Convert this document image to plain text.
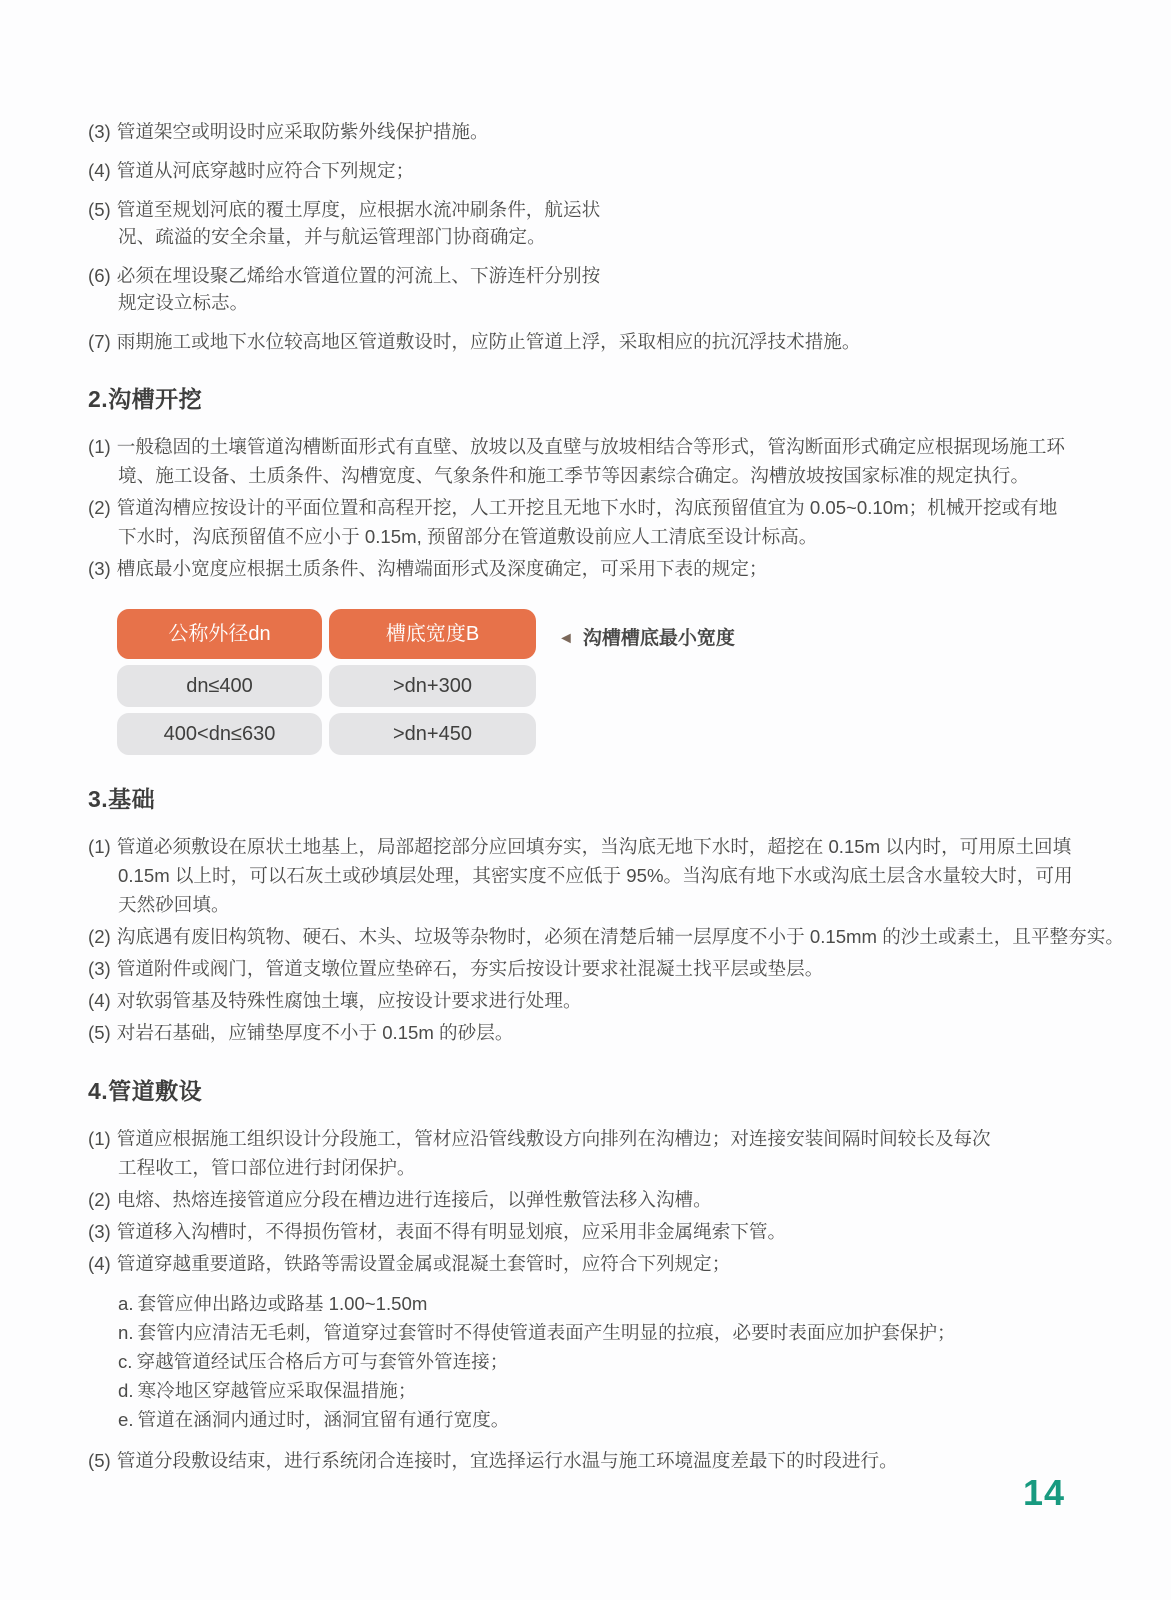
(3) 管道架空或明设时应采取防紫外线保护措施。
(4) 管道从河底穿越时应符合下列规定；
(5) 管道至规划河底的覆土厚度，应根据水流冲刷条件，航运状
况、疏溢的安全余量，并与航运管理部门协商确定。
(6) 必须在埋设聚乙烯给水管道位置的河流上、下游连杆分别按
规定设立标志。
(7) 雨期施工或地下水位较高地区管道敷设时，应防止管道上浮，采取相应的抗沉浮技术措施。
2.沟槽开挖
(1) 一般稳固的土壤管道沟槽断面形式有直壁、放坡以及直壁与放坡相结合等形式，管沟断面形式确定应根据现场施工环
境、施工设备、土质条件、沟槽宽度、气象条件和施工季节等因素综合确定。沟槽放坡按国家标准的规定执行。
(2) 管道沟槽应按设计的平面位置和高程开挖，人工开挖且无地下水时，沟底预留值宜为 0.05~0.10m；机械开挖或有地
下水时，沟底预留值不应小于 0.15m, 预留部分在管道敷设前应人工清底至设计标高。
(3) 槽底最小宽度应根据土质条件、沟槽端面形式及深度确定，可采用下表的规定；
公称外径dn	槽底宽度B
dn≤400	>dn+300
400<dn≤630	>dn+450
◄ 沟槽槽底最小宽度
3.基础
(1) 管道必须敷设在原状土地基上，局部超挖部分应回填夯实，当沟底无地下水时，超挖在 0.15m 以内时，可用原土回填
0.15m 以上时，可以石灰土或砂填层处理，其密实度不应低于 95%。当沟底有地下水或沟底土层含水量较大时，可用
天然砂回填。
(2) 沟底遇有废旧构筑物、硬石、木头、垃圾等杂物时，必须在清楚后辅一层厚度不小于 0.15mm 的沙土或素土，且平整夯实。
(3) 管道附件或阀门，管道支墩位置应垫碎石，夯实后按设计要求社混凝土找平层或垫层。
(4) 对软弱管基及特殊性腐蚀土壤，应按设计要求进行处理。
(5) 对岩石基础，应铺垫厚度不小于 0.15m 的砂层。
4.管道敷设
(1) 管道应根据施工组织设计分段施工，管材应沿管线敷设方向排列在沟槽边；对连接安装间隔时间较长及每次
工程收工，管口部位进行封闭保护。
(2) 电熔、热熔连接管道应分段在槽边进行连接后，以弹性敷管法移入沟槽。
(3) 管道移入沟槽时，不得损伤管材，表面不得有明显划痕，应采用非金属绳索下管。
(4) 管道穿越重要道路，铁路等需设置金属或混凝土套管时，应符合下列规定；
a. 套管应伸出路边或路基 1.00~1.50m
n. 套管内应清洁无毛刺，管道穿过套管时不得使管道表面产生明显的拉痕，必要时表面应加护套保护；
c. 穿越管道经试压合格后方可与套管外管连接；
d. 寒冷地区穿越管应采取保温措施；
e. 管道在涵洞内通过时，涵洞宜留有通行宽度。
(5) 管道分段敷设结束，进行系统闭合连接时，宜选择运行水温与施工环境温度差最下的时段进行。
14
